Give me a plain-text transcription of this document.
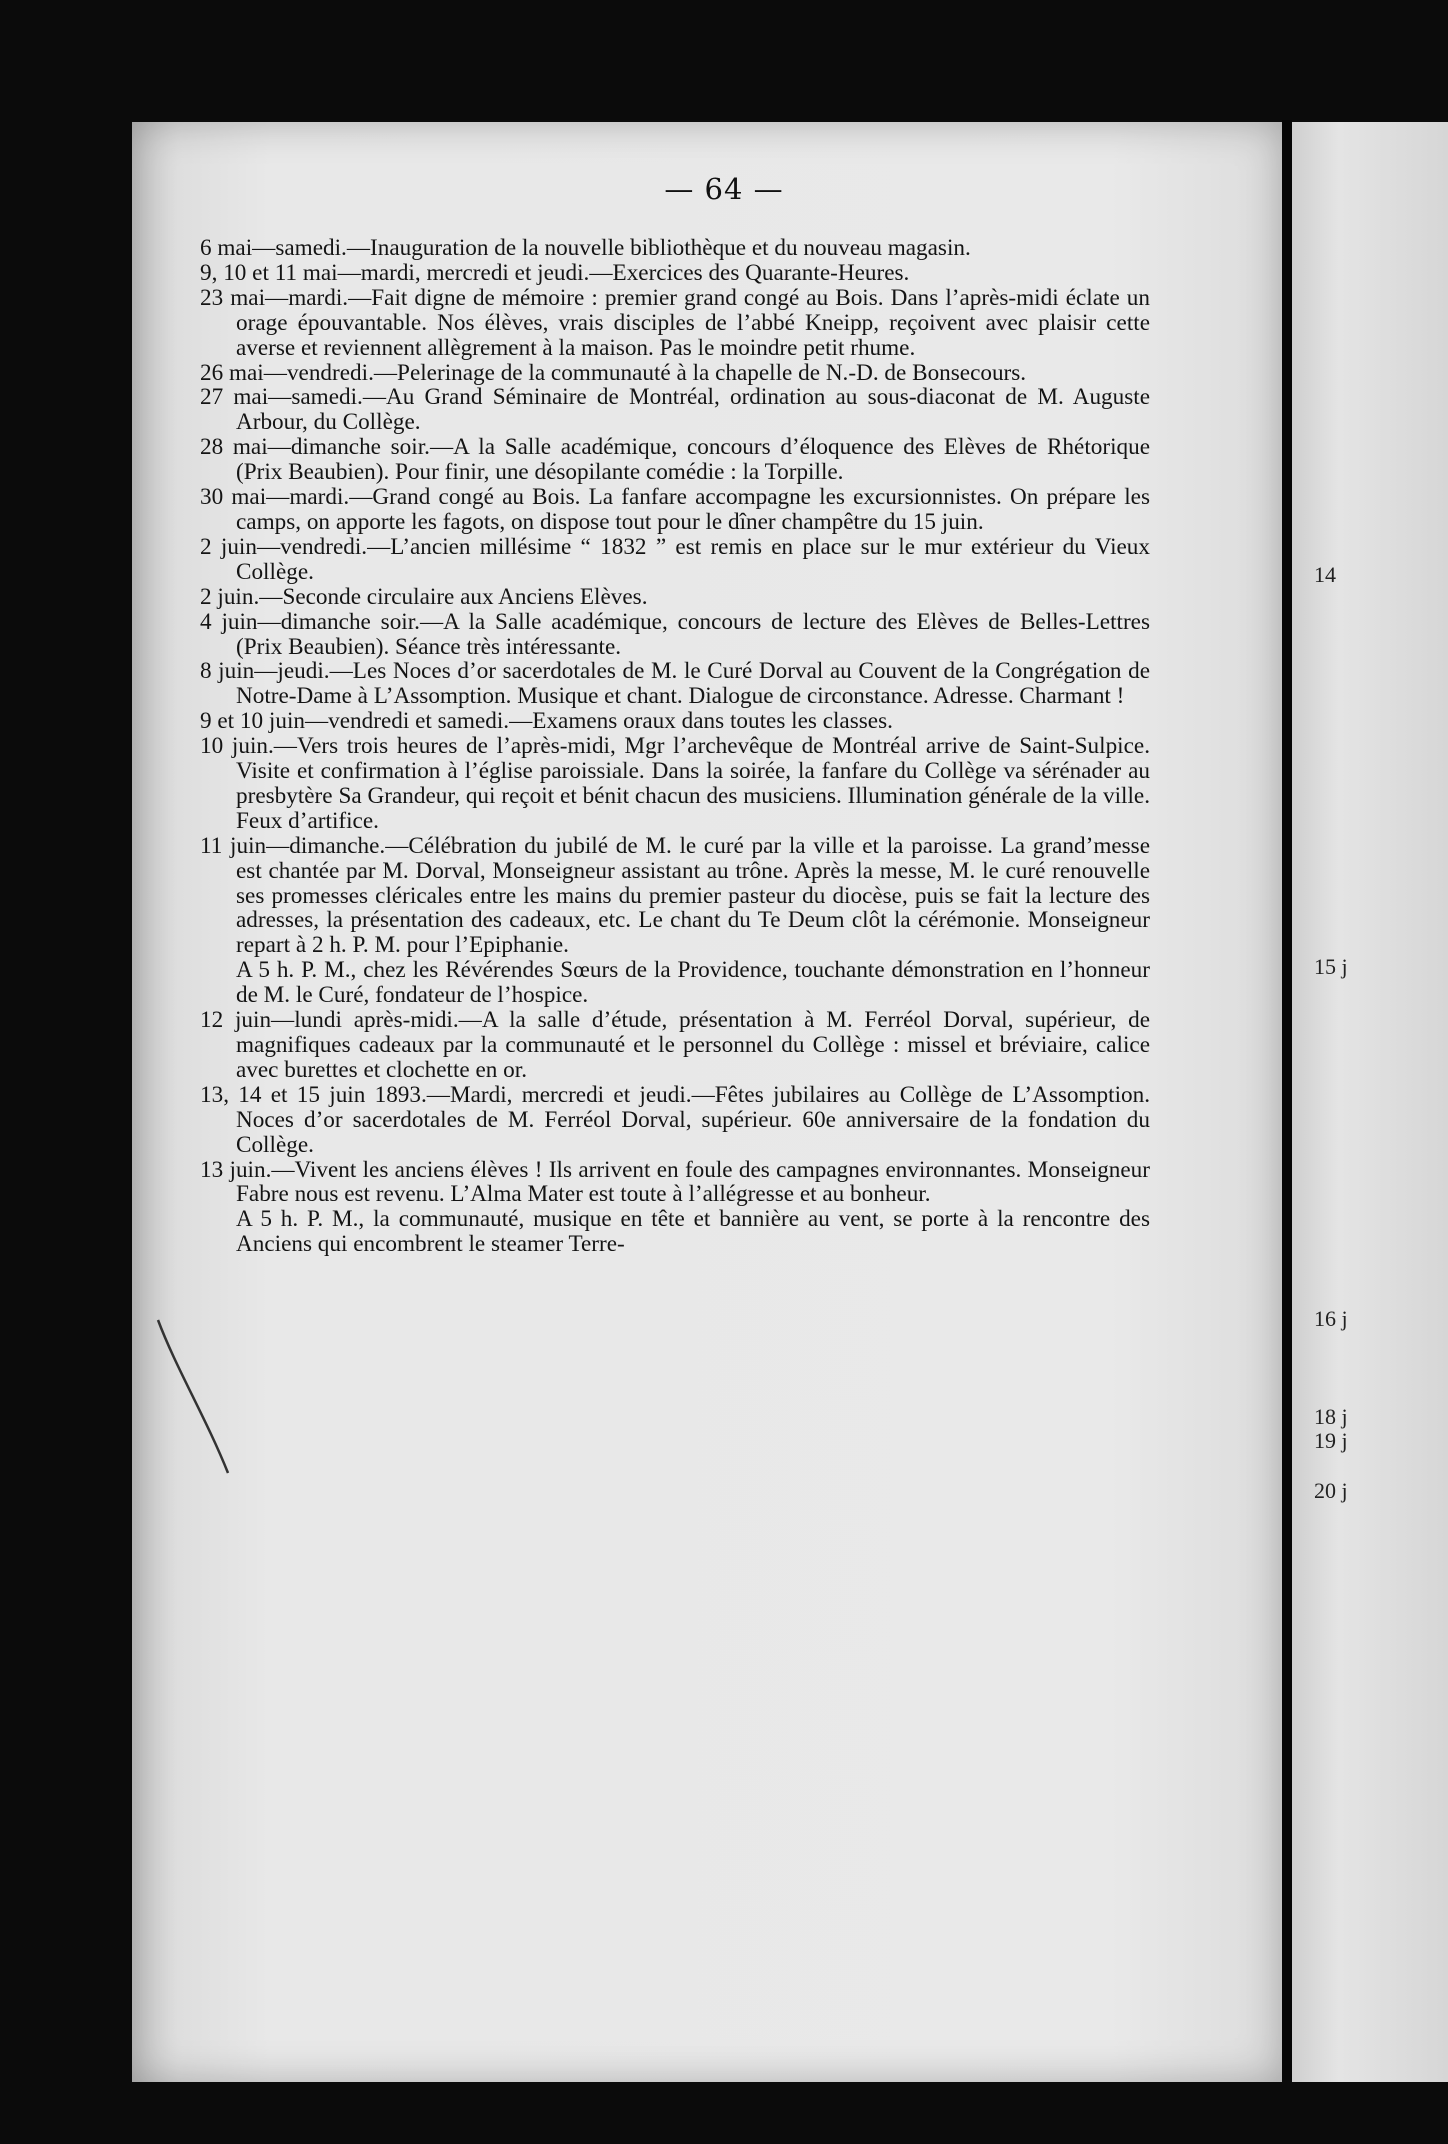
14
15 j
16 j
18 j
19 j
20 j
— 64 —

6 mai—samedi.—Inauguration de la nouvelle bibliothèque et du nouveau magasin.

9, 10 et 11 mai—mardi, mercredi et jeudi.—Exercices des Quarante-Heures.

23 mai—mardi.—Fait digne de mémoire : premier grand congé au Bois. Dans l’après-midi éclate un orage épouvantable. Nos élèves, vrais disciples de l’abbé Kneipp, reçoivent avec plaisir cette averse et reviennent allègrement à la maison. Pas le moindre petit rhume.

26 mai—vendredi.—Pelerinage de la communauté à la chapelle de N.-D. de Bonsecours.

27 mai—samedi.—Au Grand Séminaire de Montréal, ordination au sous-diaconat de M. Auguste Arbour, du Collège.

28 mai—dimanche soir.—A la Salle académique, concours d’éloquence des Elèves de Rhétorique (Prix Beaubien). Pour finir, une désopilante comédie : la Torpille.

30 mai—mardi.—Grand congé au Bois. La fanfare accompagne les excursionnistes. On prépare les camps, on apporte les fagots, on dispose tout pour le dîner champêtre du 15 juin.

2 juin—vendredi.—L’ancien millésime “ 1832 ” est remis en place sur le mur extérieur du Vieux Collège.

2 juin.—Seconde circulaire aux Anciens Elèves.

4 juin—dimanche soir.—A la Salle académique, concours de lecture des Elèves de Belles-Lettres (Prix Beaubien). Séance très intéressante.

8 juin—jeudi.—Les Noces d’or sacerdotales de M. le Curé Dorval au Couvent de la Congrégation de Notre-Dame à L’Assomption. Musique et chant. Dialogue de circonstance. Adresse. Charmant !

9 et 10 juin—vendredi et samedi.—Examens oraux dans toutes les classes.

10 juin.—Vers trois heures de l’après-midi, Mgr l’archevêque de Montréal arrive de Saint-Sulpice. Visite et confirmation à l’église paroissiale. Dans la soirée, la fanfare du Collège va sérénader au presbytère Sa Grandeur, qui reçoit et bénit chacun des musiciens. Illumination générale de la ville. Feux d’artifice.

11 juin—dimanche.—Célébration du jubilé de M. le curé par la ville et la paroisse. La grand’messe est chantée par M. Dorval, Monseigneur assistant au trône. Après la messe, M. le curé renouvelle ses promesses cléricales entre les mains du premier pasteur du diocèse, puis se fait la lecture des adresses, la présentation des cadeaux, etc. Le chant du Te Deum clôt la cérémonie. Monseigneur repart à 2 h. P. M. pour l’Epiphanie.

A 5 h. P. M., chez les Révérendes Sœurs de la Providence, touchante démonstration en l’honneur de M. le Curé, fondateur de l’hospice.

12 juin—lundi après-midi.—A la salle d’étude, présentation à M. Ferréol Dorval, supérieur, de magnifiques cadeaux par la communauté et le personnel du Collège : missel et bréviaire, calice avec burettes et clochette en or.

13, 14 et 15 juin 1893.—Mardi, mercredi et jeudi.—Fêtes jubilaires au Collège de L’Assomption. Noces d’or sacerdotales de M. Ferréol Dorval, supérieur. 60e anniversaire de la fondation du Collège.

13 juin.—Vivent les anciens élèves ! Ils arrivent en foule des campagnes environnantes. Monseigneur Fabre nous est revenu. L’Alma Mater est toute à l’allégresse et au bonheur.

A 5 h. P. M., la communauté, musique en tête et bannière au vent, se porte à la rencontre des Anciens qui encombrent le steamer Terre-
